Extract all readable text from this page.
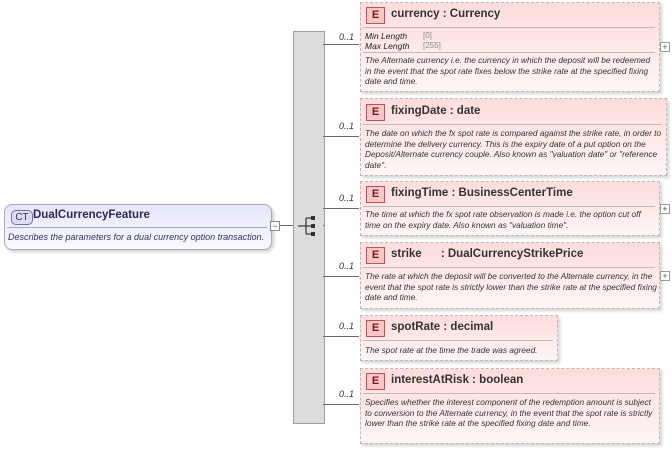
CT DualCurrencyFeature
Describes the parameters for a dual currency option transaction.
−
0..1
E	currency : Currency
Min Length [0]
Max Length [255]
The Alternate currency i.e. the currency in which the deposit will be redeemed in the event that the spot rate fixes below the strike rate at the specified fixing date and time.
+
0..1
E	fixingDate : date
The date on which the fx spot rate is compared against the strike rate, in order to determine the delivery currency. This is the expiry date of a put option on the Deposit/Alternate currency couple. Also known as "valuation date" or "reference date".
0..1	E	fixingTime : BusinessCenterTime
The time at which the fx spot rate observation is made i.e. the option cut off time on the expiry date. Also known as "valuation time".
+
0..1
E	strike      : DualCurrencyStrikePrice
The rate at which the deposit will be converted to the Alternate currency, in the event that the spot rate is strictly lower than the strike rate at the specified fixing date and time.
+
0..1	E	spotRate : decimal
The spot rate at the time the trade was agreed.
0..1
E	interestAtRisk : boolean
Specifies whether the interest component of the redemption amount is subject to conversion to the Alternate currency, in the event that the spot rate is strictly lower than the strike rate at the specified fixing date and time.
